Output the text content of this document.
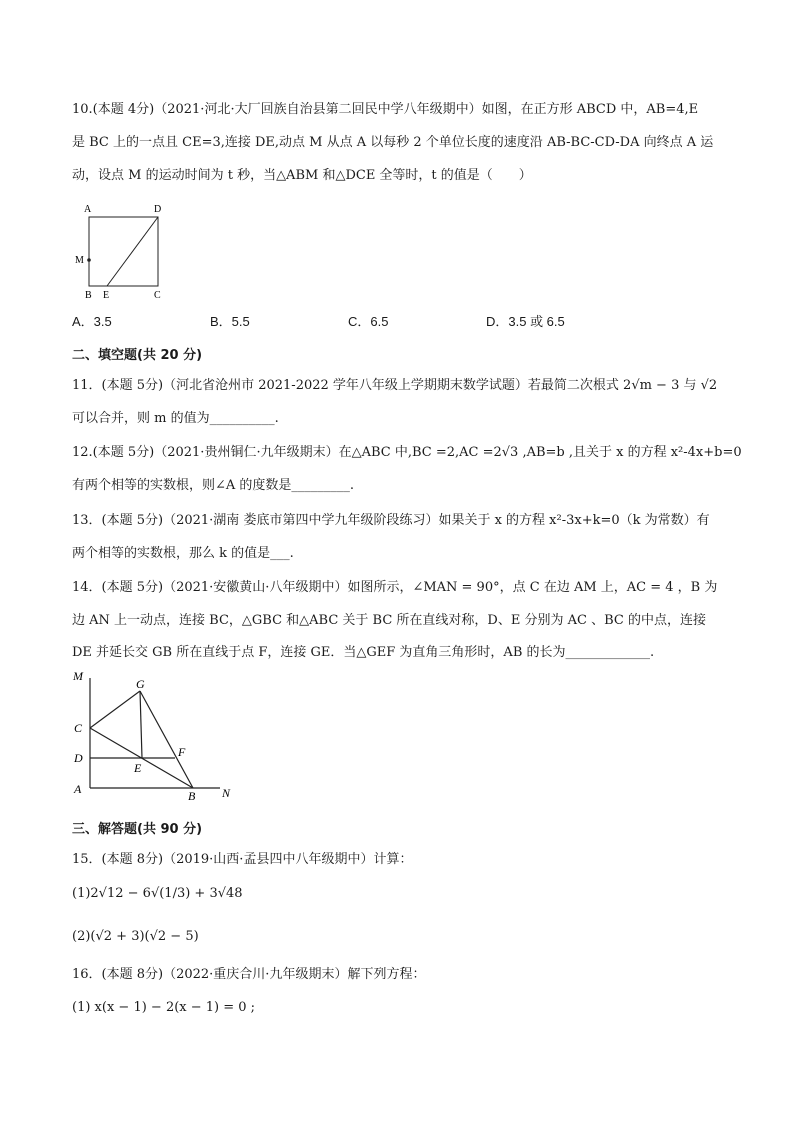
10.(本题 4分)（2021·河北·大厂回族自治县第二回民中学八年级期中）如图，在正方形 ABCD 中，AB=4,E
是 BC 上的一点且 CE=3,连接 DE,动点 M 从点 A 以每秒 2 个单位长度的速度沿 AB-BC-CD-DA 向终点 A 运
动，设点 M 的运动时间为 t 秒，当△ABM 和△DCE 全等时，t 的值是（　　）
A	D
M
B E	C
A．3.5	B．5.5	C．6.5	D．3.5 或 6.5
二、填空题(共 20 分)
11．(本题 5分)（河北省沧州市 2021-2022 学年八年级上学期期末数学试题）若最简二次根式 2√m − 3 与 √2
可以合并，则 m 的值为__________.
12.(本题 5分)（2021·贵州铜仁·九年级期末）在△ABC 中,BC =2,AC =2√3 ,AB=b ,且关于 x 的方程 x²-4x+b=0
有两个相等的实数根，则∠A 的度数是_________.
13．(本题 5分)（2021·湖南 娄底市第四中学九年级阶段练习）如果关于 x 的方程 x²-3x+k=0（k 为常数）有
两个相等的实数根，那么 k 的值是___.
14．(本题 5分)（2021·安徽黄山·八年级期中）如图所示，∠MAN = 90°，点 C 在边 AM 上，AC = 4 ，B 为
边 AN 上一动点，连接 BC，△GBC 和△ABC 关于 BC 所在直线对称，D、E 分别为 AC 、BC 的中点，连接
DE 并延长交 GB 所在直线于点 F，连接 GE．当△GEF 为直角三角形时，AB 的长为_____________.
M
G
C
F
D
E
A	B N
三、解答题(共 90 分)
15．(本题 8分)（2019·山西·孟县四中八年级期中）计算：
(1)2√12 − 6√(1/3) + 3√48
(2)(√2 + 3)(√2 − 5)
16．(本题 8分)（2022·重庆合川·九年级期末）解下列方程：
(1) x(x − 1) − 2(x − 1) = 0 ;
